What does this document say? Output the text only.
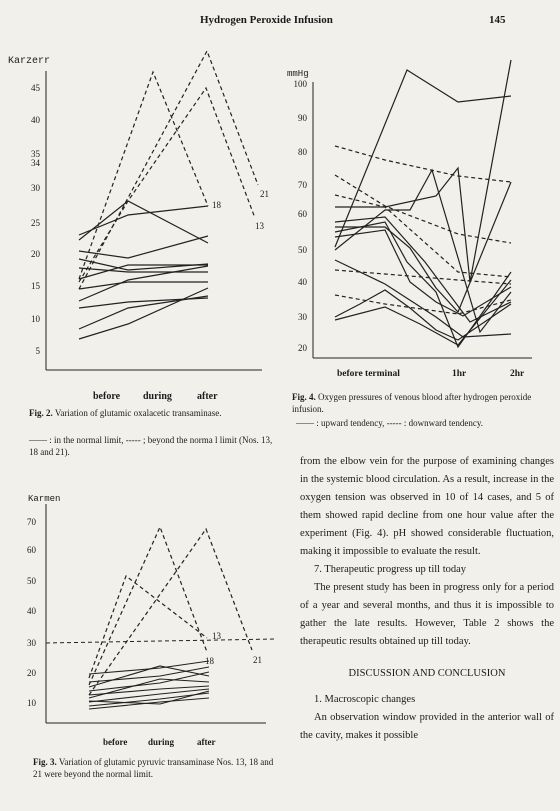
Hydrogen Peroxide Infusion	145
Karzerr
45
40
35
34
30
25
20
15
10
5
18
21
13
before during	after
Fig. 2. Variation of glutamic oxalacetic transaminase.
—— : in the normal limit, ----- ; beyond the norma l limit (Nos. 13, 18 and 21).
Karmen
70
60
50
40
30
20
10
13
18	21
before during	after
Fig. 3. Variation of glutamic pyruvic transaminase Nos. 13, 18 and 21 were beyond the normal limit.
mmHg
100
90
80
70
60
50
40
30
20
before terminal	1hr	2hr
Fig. 4. Oxygen pressures of venous blood after hydrogen peroxide infusion.
—— : upward tendency, ----- : downward tendency.

from the elbow vein for the purpose of examining changes in the systemic blood circulation. As a result, increase in the oxygen tension was observed in 10 of 14 cases, and 5 of them showed rapid decline from one hour value after the experiment (Fig. 4). pH showed considerable fluctuation, making it impossible to evaluate the result.

7. Therapeutic progress up till today

The present study has been in progress only for a period of a year and several months, and thus it is impossible to gather the late results. However, Table 2 shows the therapeutic results obtained up till today.

DISCUSSION AND CONCLUSION

1. Macroscopic changes

An observation window provided in the anterior wall of the cavity, makes it possible
